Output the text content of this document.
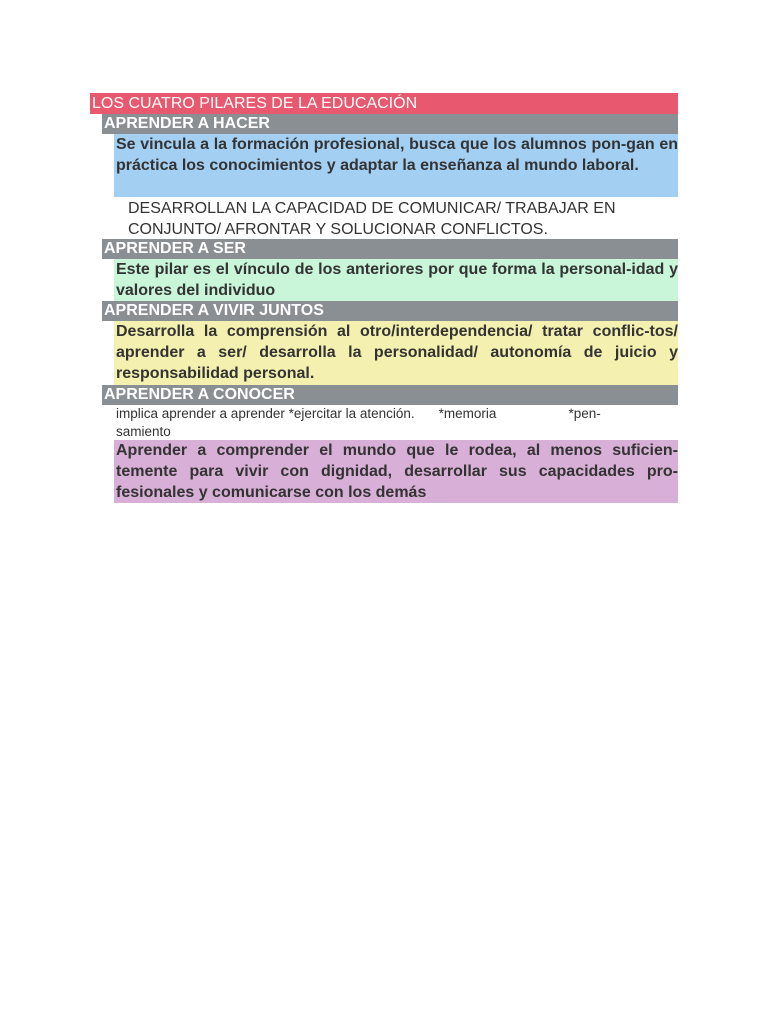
LOS CUATRO PILARES DE LA EDUCACIÓN
APRENDER A HACER
Se vincula a la formación profesional, busca que los alumnos pon-gan en práctica los conocimientos y adaptar la enseñanza al mundo laboral.
DESARROLLAN LA CAPACIDAD DE COMUNICAR/ TRABAJAR EN CONJUNTO/ AFRONTAR Y SOLUCIONAR CONFLICTOS.
APRENDER A SER
Este pilar es el vínculo de los anteriores por que forma la personal-idad y valores del individuo
APRENDER A VIVIR JUNTOS
Desarrolla la comprensión al otro/interdependencia/ tratar conflic-tos/ aprender a ser/ desarrolla la personalidad/ autonomía de juicio y responsabilidad personal.
APRENDER A CONOCER
implica aprender a aprender *ejercitar la atención. *memoria	*pen-samiento
Aprender a comprender el mundo que le rodea, al menos suficien-temente para vivir con dignidad, desarrollar sus capacidades pro-fesionales y comunicarse con los demás
